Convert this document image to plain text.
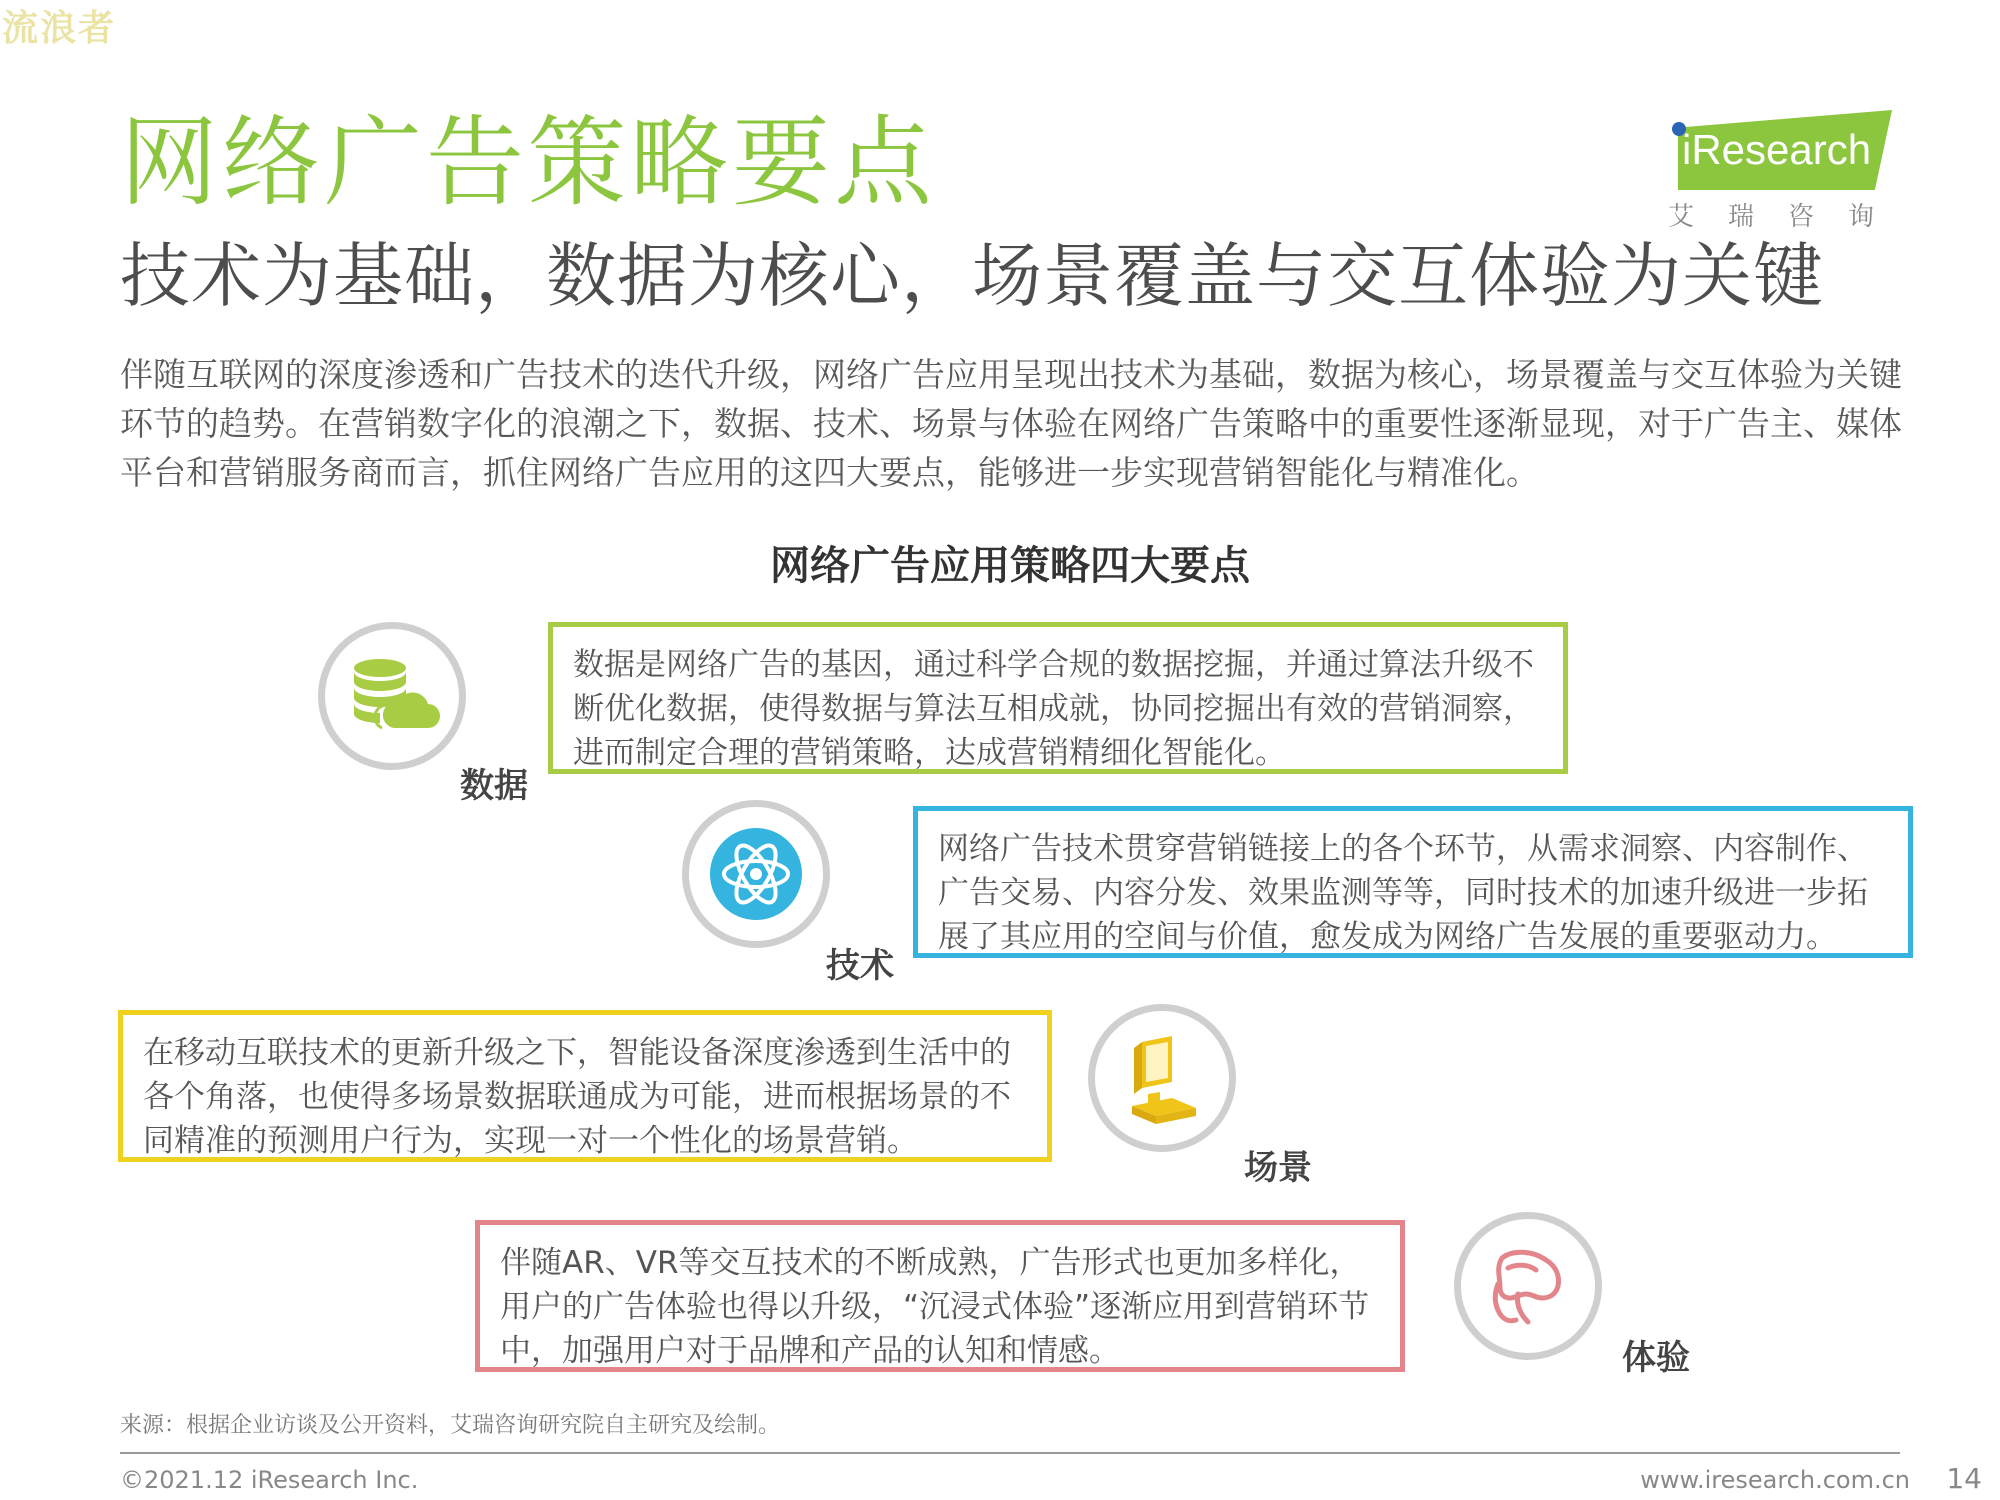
流浪者
网络广告策略要点
技术为基础，数据为核心，场景覆盖与交互体验为关键
iResearch
艾瑞咨询
伴随互联网的深度渗透和广告技术的迭代升级，网络广告应用呈现出技术为基础，数据为核心，场景覆盖与交互体验为关键环节的趋势。在营销数字化的浪潮之下，数据、技术、场景与体验在网络广告策略中的重要性逐渐显现，对于广告主、媒体平台和营销服务商而言，抓住网络广告应用的这四大要点，能够进一步实现营销智能化与精准化。
网络广告应用策略四大要点
数据
数据是网络广告的基因，通过科学合规的数据挖掘，并通过算法升级不断优化数据，使得数据与算法互相成就，协同挖掘出有效的营销洞察，进而制定合理的营销策略，达成营销精细化智能化。
技术
网络广告技术贯穿营销链接上的各个环节，从需求洞察、内容制作、广告交易、内容分发、效果监测等等，同时技术的加速升级进一步拓展了其应用的空间与价值，愈发成为网络广告发展的重要驱动力。
在移动互联技术的更新升级之下，智能设备深度渗透到生活中的各个角落，也使得多场景数据联通成为可能，进而根据场景的不同精准的预测用户行为，实现一对一个性化的场景营销。
场景
伴随AR、VR等交互技术的不断成熟，广告形式也更加多样化，用户的广告体验也得以升级，“沉浸式体验”逐渐应用到营销环节中，加强用户对于品牌和产品的认知和情感。	体验
来源：根据企业访谈及公开资料，艾瑞咨询研究院自主研究及绘制。
©2021.12 iResearch Inc.	www.iresearch.com.cn 14
